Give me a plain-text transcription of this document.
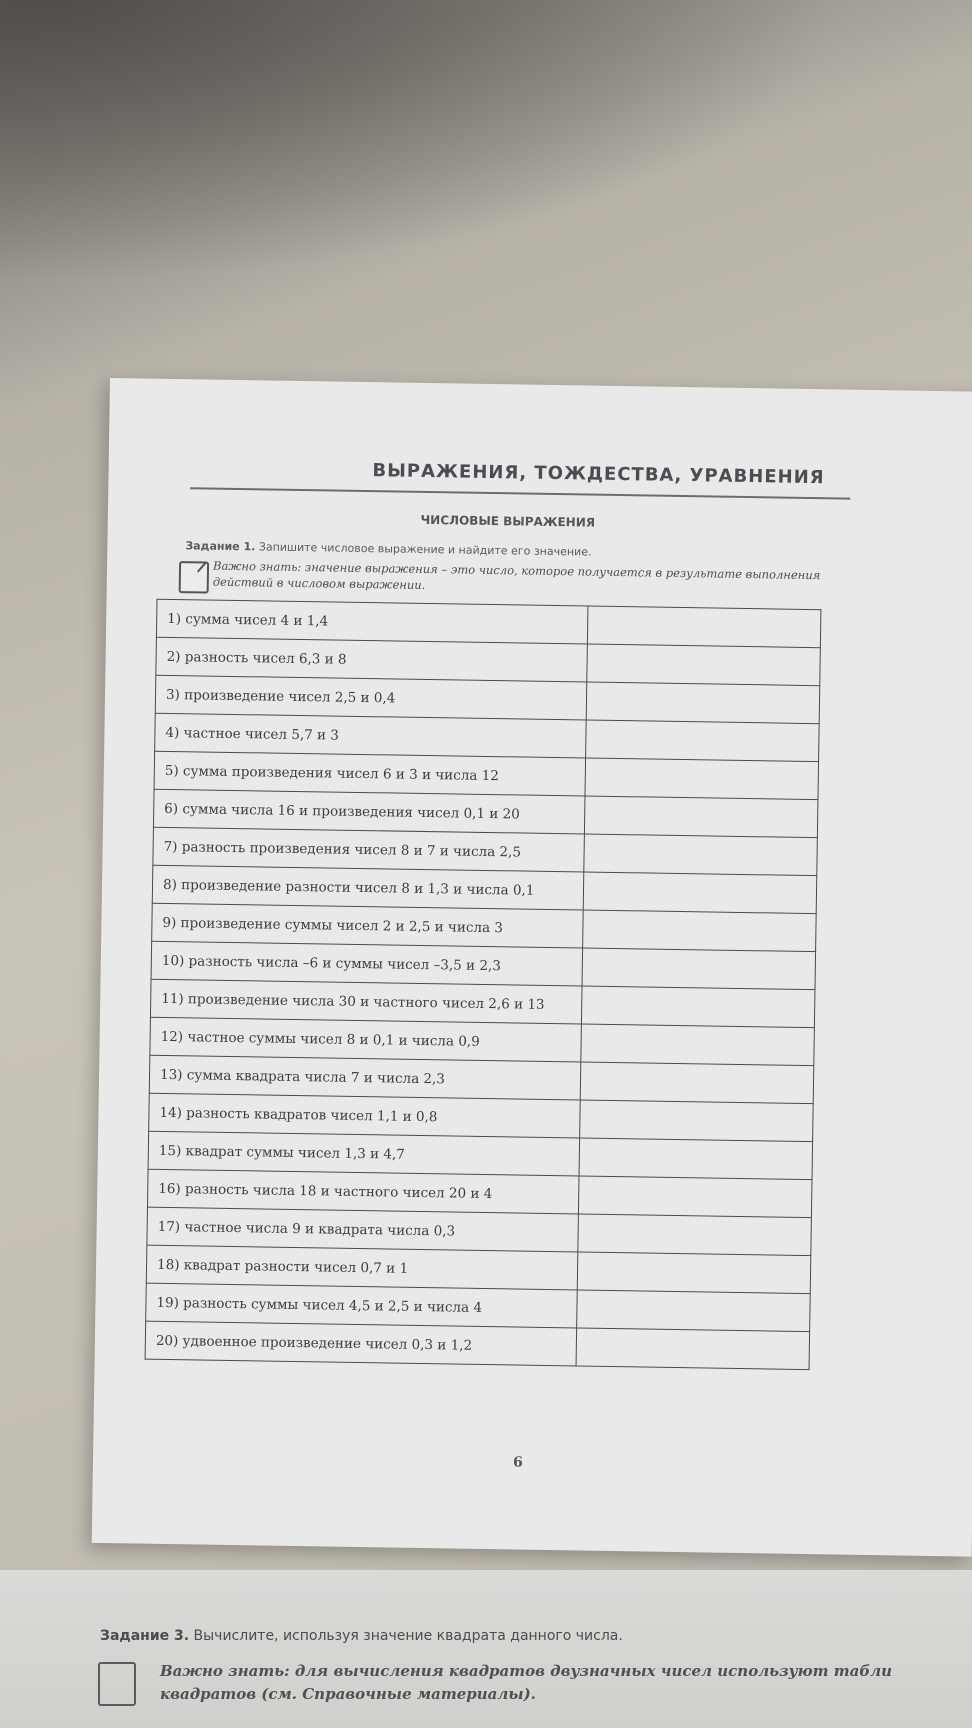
ВЫРАЖЕНИЯ, ТОЖДЕСТВА, УРАВНЕНИЯ
ЧИСЛОВЫЕ ВЫРАЖЕНИЯ
Задание 1. Запишите числовое выражение и найдите его значение.
Важно знать: значение выражения – это число, которое получается в результате выполнения действий в числовом выражении.
1) сумма чисел 4 и 1,4	
2) разность чисел 6,3 и 8	
3) произведение чисел 2,5 и 0,4	
4) частное чисел 5,7 и 3	
5) сумма произведения чисел 6 и 3 и числа 12	
6) сумма числа 16 и произведения чисел 0,1 и 20	
7) разность произведения чисел 8 и 7 и числа 2,5	
8) произведение разности чисел 8 и 1,3 и числа 0,1	
9) произведение суммы чисел 2 и 2,5 и числа 3	
10) разность числа –6 и суммы чисел –3,5 и 2,3	
11) произведение числа 30 и частного чисел 2,6 и 13	
12) частное суммы чисел 8 и 0,1 и числа 0,9	
13) сумма квадрата числа 7 и числа 2,3	
14) разность квадратов чисел 1,1 и 0,8	
15) квадрат суммы чисел 1,3 и 4,7	
16) разность числа 18 и частного чисел 20 и 4	
17) частное числа 9 и квадрата числа 0,3	
18) квадрат разности чисел 0,7 и 1	
19) разность суммы чисел 4,5 и 2,5 и числа 4	
20) удвоенное произведение чисел 0,3 и 1,2	
6
Задание 3. Вычислите, используя значение квадрата данного числа.
Важно знать: для вычисления квадратов двузначных чисел используют табли
квадратов (см. Справочные материалы).
